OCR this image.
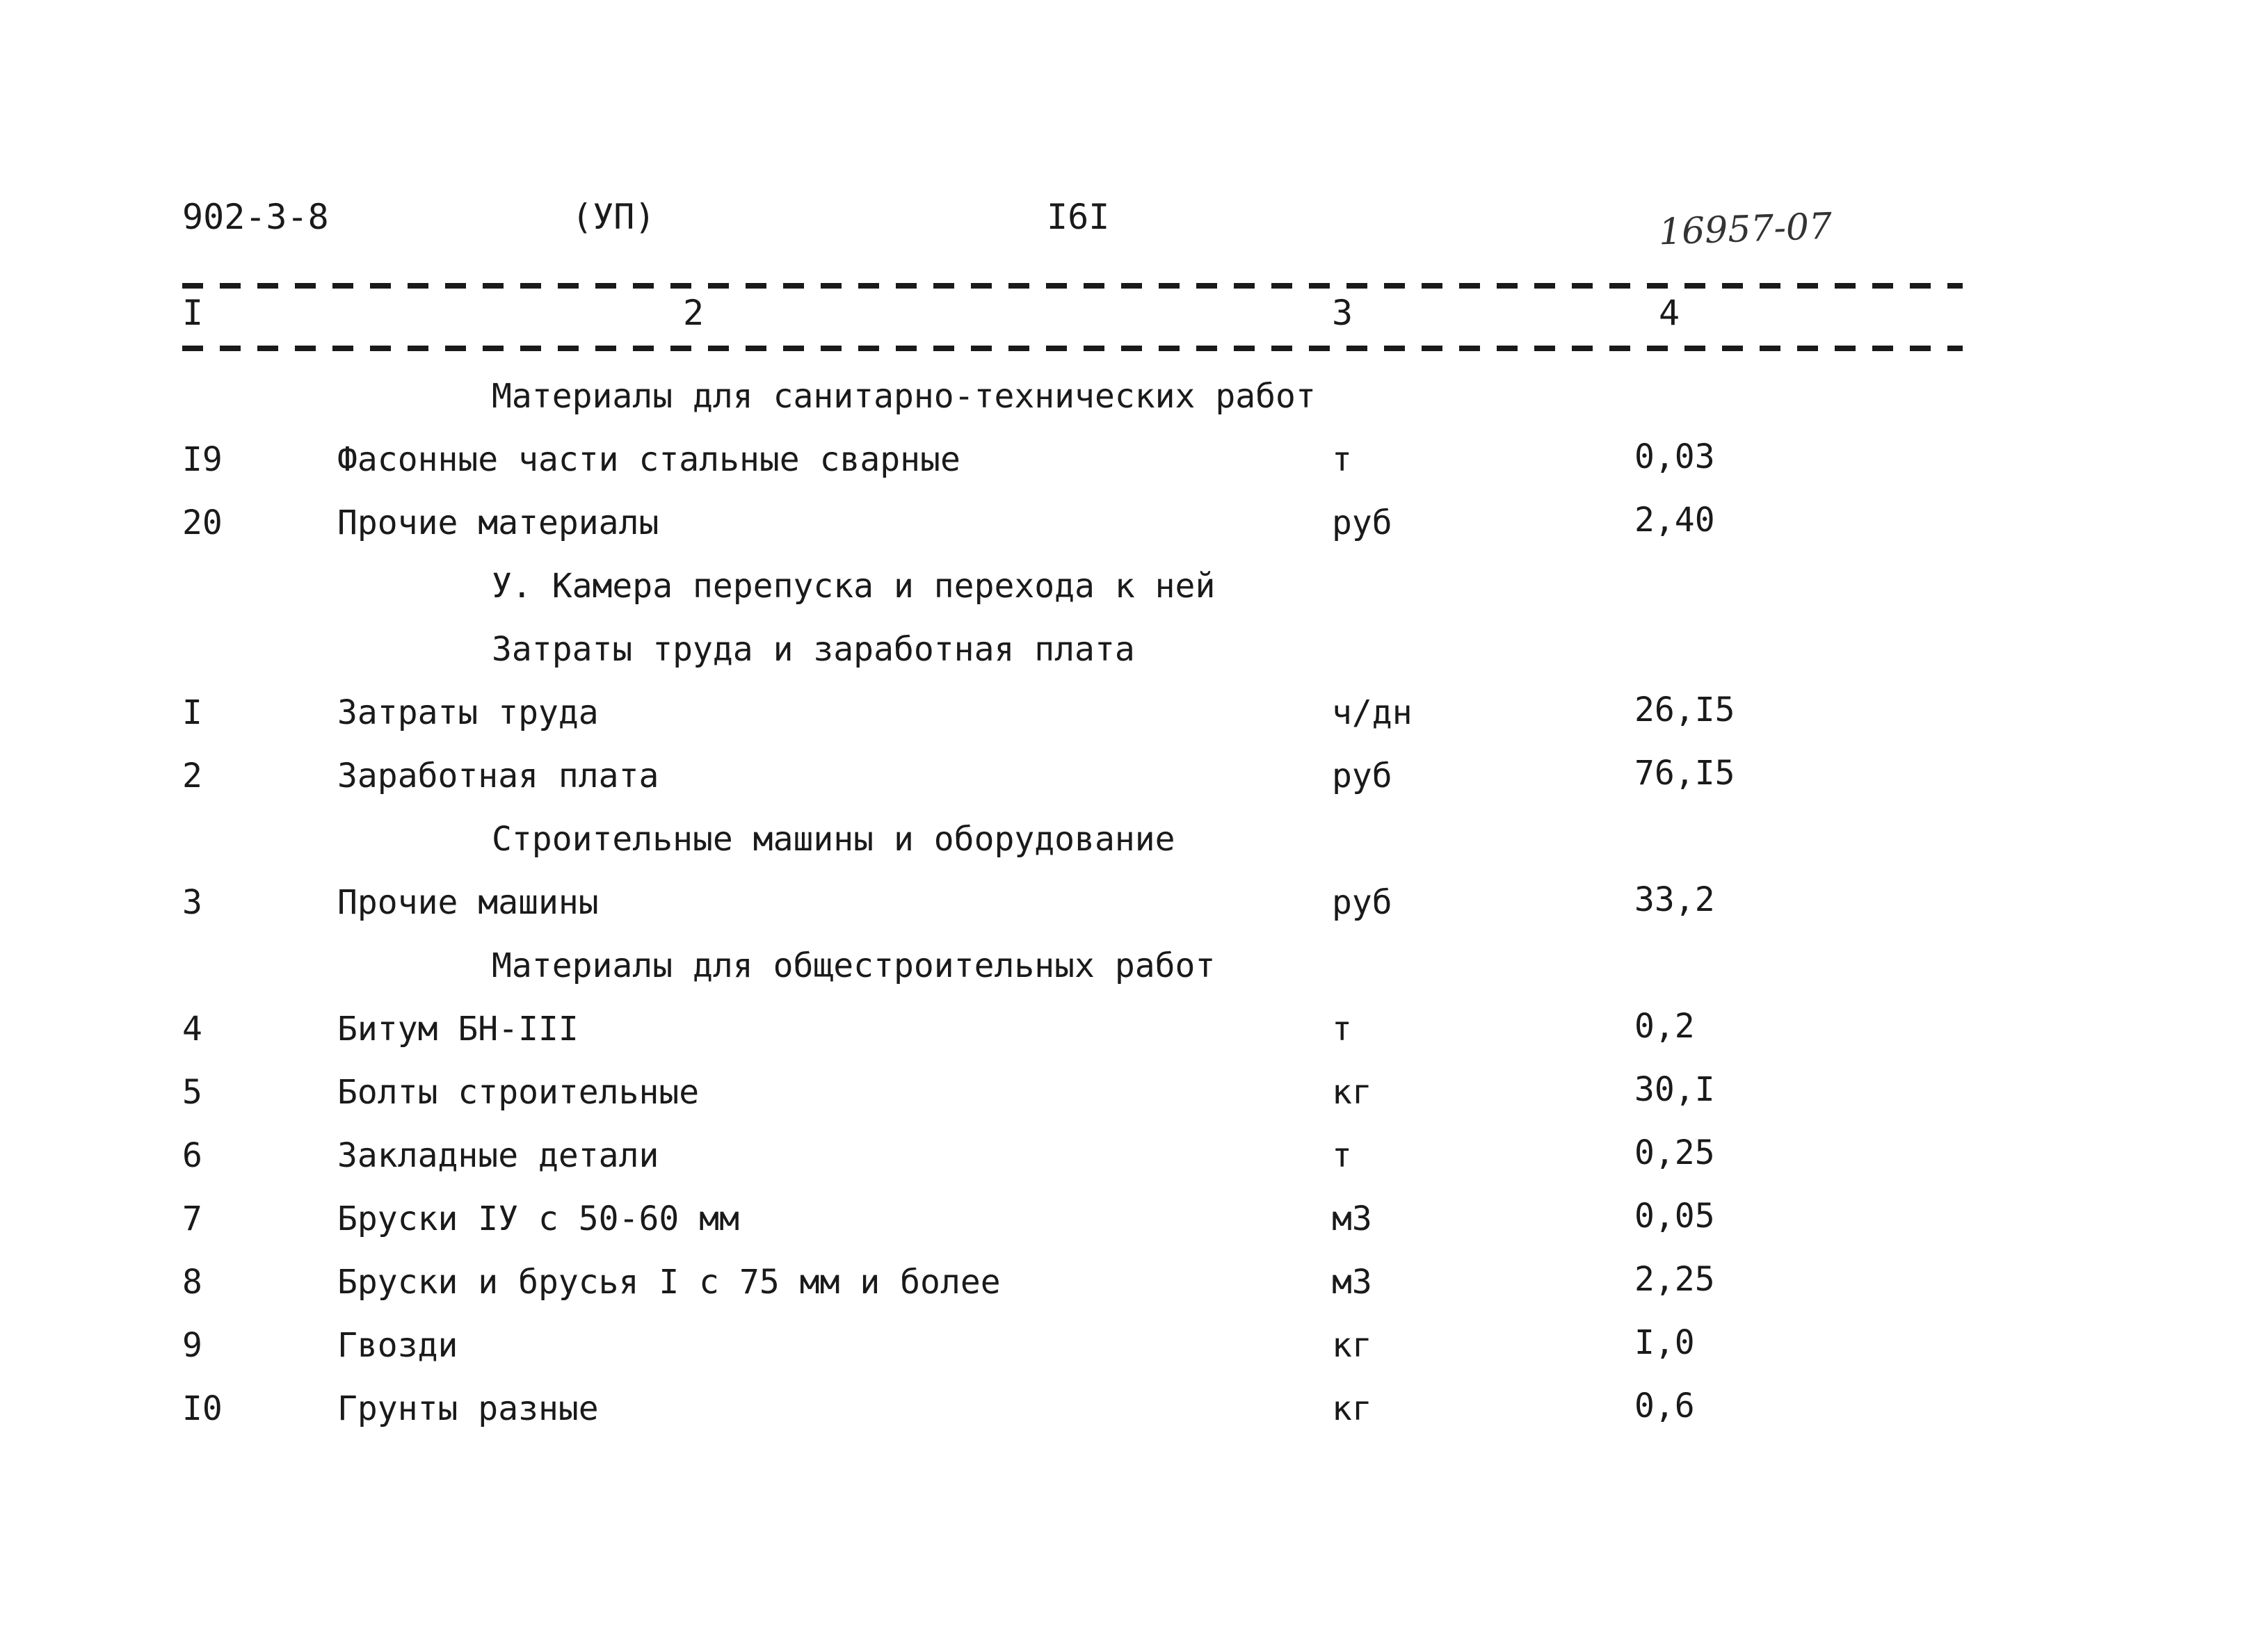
902-3-8	(УП)	I6I	16957-07
I	2	3	4
Материалы для санитарно-технических работ
I9	Фасонные части стальные сварные	т	0,03
20	Прочие материалы	руб	2,40
У. Камера перепуска и перехода к ней
Затраты труда и заработная плата
I	Затраты труда	ч/дн	26,I5
2	Заработная плата	руб	76,I5
Строительные машины и оборудование
3	Прочие машины	руб	33,2
Материалы для общестроительных работ
4	Битум БН-III	т	0,2
5	Болты строительные	кг	30,I
6	Закладные детали	т	0,25
7	Бруски IУ с 50-60 мм	м3	0,05
8	Бруски и брусья I с 75 мм и более	м3	2,25
9	Гвозди	кг	I,0
I0	Грунты разные	кг	0,6
